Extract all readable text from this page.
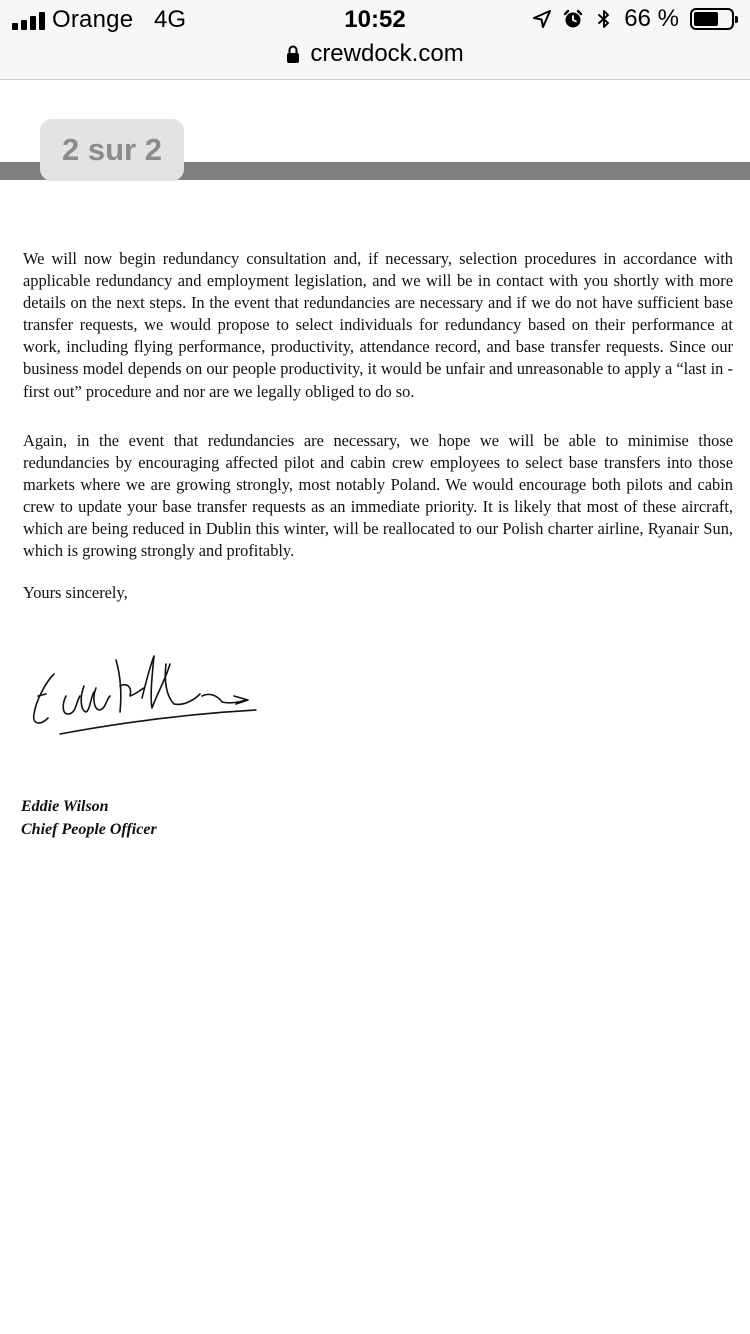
Orange 4G	10:52	66 %
crewdock.com
2 sur 2

We will now begin redundancy consultation and, if necessary, selection procedures in accordance with applicable redundancy and employment legislation, and we will be in contact with you shortly with more details on the next steps. In the event that redundancies are necessary and if we do not have sufficient base transfer requests, we would propose to select individuals for redundancy based on their performance at work, including flying performance, productivity, attendance record, and base transfer requests. Since our business model depends on our people productivity, it would be unfair and unreasonable to apply a “last in - first out” procedure and nor are we legally obliged to do so.

Again, in the event that redundancies are necessary, we hope we will be able to minimise those redundancies by encouraging affected pilot and cabin crew employees to select base transfers into those markets where we are growing strongly, most notably Poland. We would encourage both pilots and cabin crew to update your base transfer requests as an immediate priority. It is likely that most of these aircraft, which are being reduced in Dublin this winter, will be reallocated to our Polish charter airline, Ryanair Sun, which is growing strongly and profitably.

Yours sincerely,

Eddie Wilson

Chief People Officer
